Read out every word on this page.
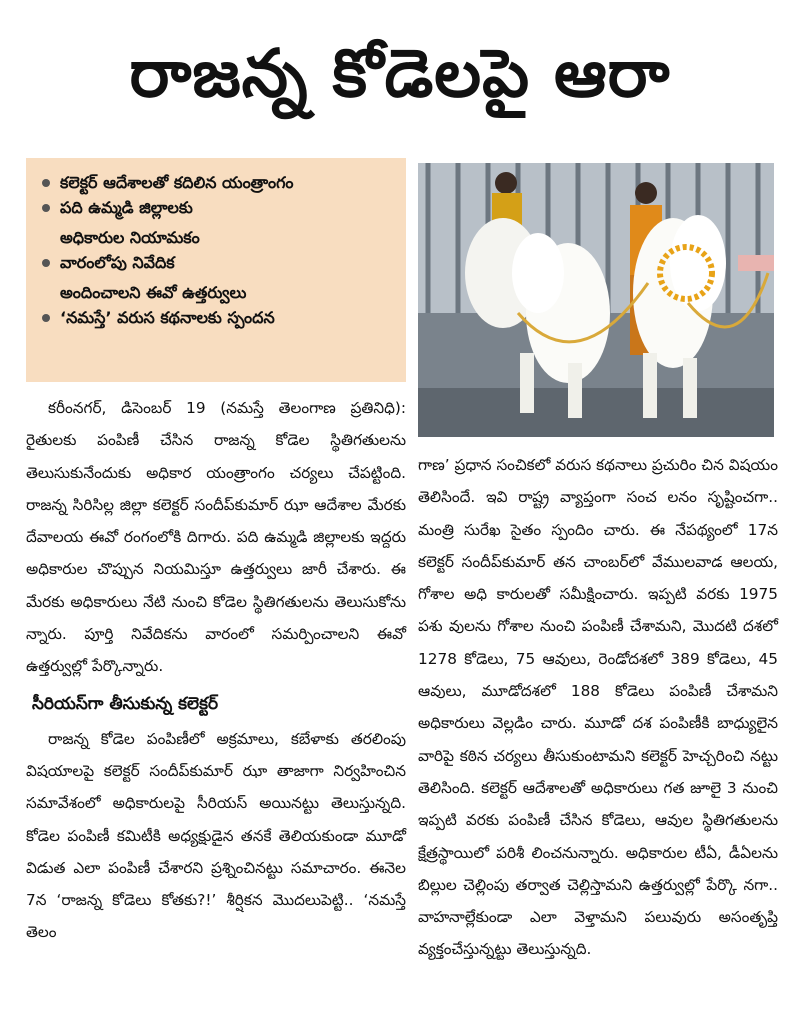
రాజన్న కోడెలపై ఆరా
కలెక్టర్ ఆదేశాలతో కదిలిన యంత్రాంగం
పది ఉమ్మడి జిల్లాలకు
అధికారుల నియామకం
వారంలోపు నివేదిక
అందించాలని ఈవో ఉత్తర్వులు
‘నమస్తే’ వరుస కథనాలకు స్పందన

కరీంనగర్, డిసెంబర్ 19 (నమస్తే తెలంగాణ ప్రతినిధి): రైతులకు పంపిణీ చేసిన రాజన్న కోడెల స్థితిగతులను తెలుసుకునేందుకు అధికార యంత్రాంగం చర్యలు చేపట్టింది. రాజన్న సిరిసిల్ల జిల్లా కలెక్టర్ సందీప్‌కుమార్ ఝా ఆదేశాల మేరకు దేవాలయ ఈవో రంగంలోకి దిగారు. పది ఉమ్మడి జిల్లాలకు ఇద్దరు అధికారుల చొప్పున నియమిస్తూ ఉత్తర్వులు జారీ చేశారు. ఈ మేరకు అధికారులు నేటి నుంచి కోడెల స్థితిగతులను తెలుసుకోను న్నారు. పూర్తి నివేదికను వారంలో సమర్పించాలని ఈవో ఉత్తర్వుల్లో పేర్కొన్నారు.

సీరియస్‌గా తీసుకున్న కలెక్టర్

రాజన్న కోడెల పంపిణీలో అక్రమాలు, కబేళాకు తరలింపు విషయాలపై కలెక్టర్ సందీప్‌కుమార్ ఝా తాజాగా నిర్వహించిన సమావేశంలో అధికారులపై సీరియస్ అయినట్టు తెలుస్తున్నది. కోడెల పంపిణీ కమిటీకి అధ్యక్షుడైన తనకే తెలియకుండా మూడో విడుత ఎలా పంపిణీ చేశారని ప్రశ్నించినట్టు సమాచారం. ఈనెల 7న ‘రాజన్న కోడెలు కోతకు?!’ శీర్షికన మొదలుపెట్టి.. ‘నమస్తే తెలం

గాణ’ ప్రధాన సంచికలో వరుస కథనాలు ప్రచురిం చిన విషయం తెలిసిందే. ఇవి రాష్ట్ర వ్యాప్తంగా సంచ లనం సృష్టించగా.. మంత్రి సురేఖ సైతం స్పందిం చారు. ఈ నేపథ్యంలో 17న కలెక్టర్ సందీప్‌కుమార్ తన చాంబర్‌లో వేములవాడ ఆలయ, గోశాల అధి కారులతో సమీక్షించారు. ఇప్పటి వరకు 1975 పశు వులను గోశాల నుంచి పంపిణీ చేశామని, మొదటి దశలో 1278 కోడెలు, 75 ఆవులు, రెండోదశలో 389 కోడెలు, 45 ఆవులు, మూడోదశలో 188 కోడెలు పంపిణీ చేశామని అధికారులు వెల్లడిం చారు. మూడో దశ పంపిణీకి బాధ్యులైన వారిపై కఠిన చర్యలు తీసుకుంటామని కలెక్టర్ హెచ్చరించి నట్టు తెలిసింది. కలెక్టర్ ఆదేశాలతో అధికారులు గత జూలై 3 నుంచి ఇప్పటి వరకు పంపిణీ చేసిన కోడెలు, ఆవుల స్థితిగతులను క్షేత్రస్థాయిలో పరిశీ లించనున్నారు. అధికారుల టీఏ, డీఏలను బిల్లుల చెల్లింపు తర్వాత చెల్లిస్తామని ఉత్తర్వుల్లో పేర్కొ నగా.. వాహనాల్లేకుండా ఎలా వెళ్తామని పలువురు అసంతృప్తి వ్యక్తంచేస్తున్నట్టు తెలుస్తున్నది.
